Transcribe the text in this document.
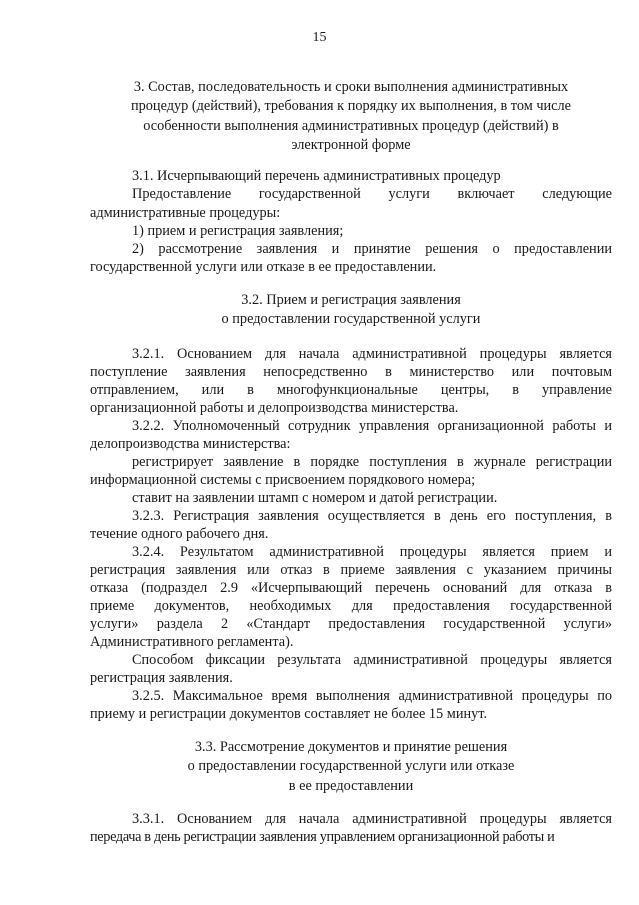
15
3. Состав, последовательность и сроки выполнения административных
процедур (действий), требования к порядку их выполнения, в том числе
особенности выполнения административных процедур (действий) в
электронной форме
3.1. Исчерпывающий перечень административных процедур
Предоставление государственной услуги включает следующие
административные процедуры:
1) прием и регистрация заявления;
2) рассмотрение заявления и принятие решения о предоставлении
государственной услуги или отказе в ее предоставлении.
3.2. Прием и регистрация заявления
о предоставлении государственной услуги
3.2.1. Основанием для начала административной процедуры является
поступление заявления непосредственно в министерство или почтовым
отправлением, или в многофункциональные центры, в управление
организационной работы и делопроизводства министерства.
3.2.2. Уполномоченный сотрудник управления организационной работы и
делопроизводства министерства:
регистрирует заявление в порядке поступления в журнале регистрации
информационной системы с присвоением порядкового номера;
ставит на заявлении штамп с номером и датой регистрации.
3.2.3. Регистрация заявления осуществляется в день его поступления, в
течение одного рабочего дня.
3.2.4. Результатом административной процедуры является прием и
регистрация заявления или отказ в приеме заявления с указанием причины
отказа (подраздел 2.9 «Исчерпывающий перечень оснований для отказа в
приеме документов, необходимых для предоставления государственной
услуги» раздела 2 «Стандарт предоставления государственной услуги»
Административного регламента).
Способом фиксации результата административной процедуры является
регистрация заявления.
3.2.5. Максимальное время выполнения административной процедуры по
приему и регистрации документов составляет не более 15 минут.
3.3. Рассмотрение документов и принятие решения
о предоставлении государственной услуги или отказе
в ее предоставлении
3.3.1. Основанием для начала административной процедуры является
передача в день регистрации заявления управлением организационной работы и
